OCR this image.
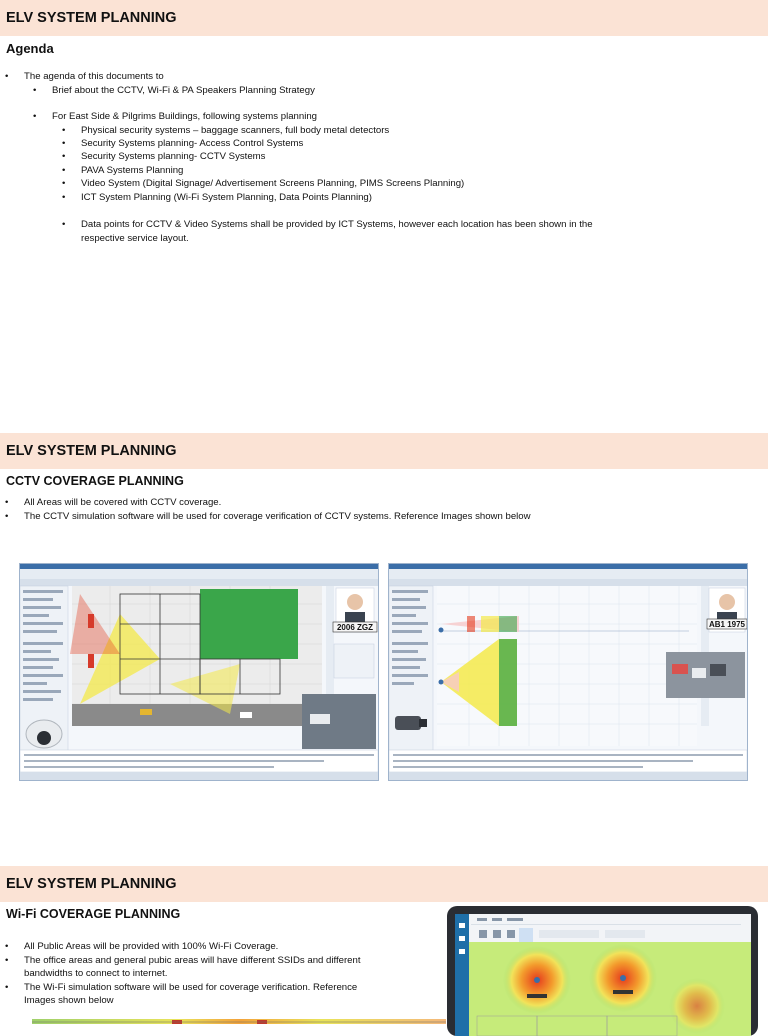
ELV SYSTEM PLANNING
Agenda
• The agenda of this documents to
• Brief about the CCTV, Wi-Fi & PA Speakers Planning Strategy
• For East Side & Pilgrims Buildings, following systems planning
• Physical security systems – baggage scanners, full body metal detectors
• Security Systems planning- Access Control Systems
• Security Systems planning- CCTV Systems
• PAVA Systems Planning
• Video System (Digital Signage/ Advertisement Screens Planning, PIMS Screens Planning)
• ICT System Planning (Wi-Fi System Planning, Data Points Planning)
• Data points for CCTV & Video Systems shall be provided by ICT Systems, however each location has been shown in the
respective service layout.
ELV SYSTEM PLANNING
CCTV COVERAGE PLANNING
• All Areas will be covered with CCTV coverage.
• The CCTV simulation software will be used for coverage verification of CCTV systems. Reference Images shown below
2006 ZGZ	AB1 1975
ELV SYSTEM PLANNING
Wi-Fi COVERAGE PLANNING
• All Public Areas will be provided with 100% Wi-Fi Coverage.
• The office areas and general pubic areas will have different SSIDs and different
bandwidths to connect to internet.
• The Wi-Fi simulation software will be used for coverage verification. Reference
Images shown below
